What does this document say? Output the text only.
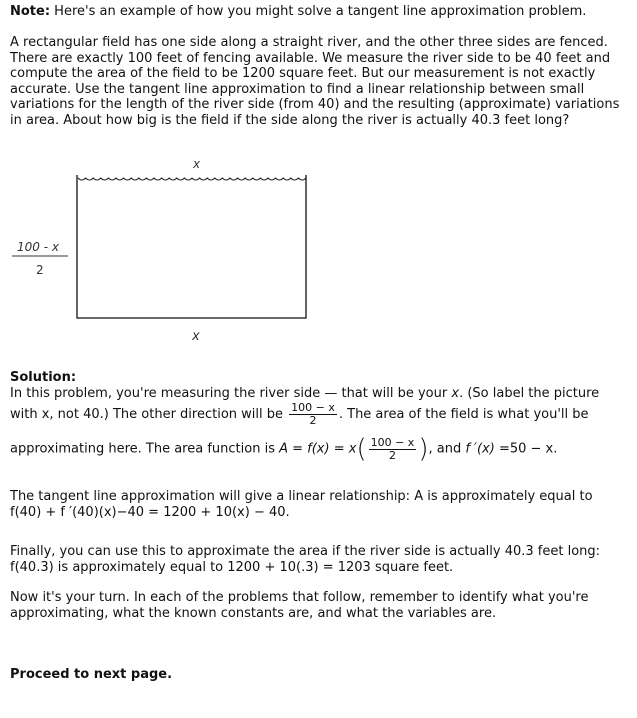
Note: Here's an example of how you might solve a tangent line approximation problem.

A rectangular field has one side along a straight river, and the other three sides are fenced. There are exactly 100 feet of fencing available. We measure the river side to be 40 feet and compute the area of the field to be 1200 square feet. But our measurement is not exactly accurate. Use the tangent line approximation to find a linear relationship between small variations for the length of the river side (from 40) and the resulting (approximate) variations in area. About how big is the field if the side along the river is actually 40.3 feet long?

x
100 - x
2
x

Solution:

In this problem, you're measuring the river side — that will be your x. (So label the picture

with x, not 40.) The other direction will be $\frac{100 - x}{2}$ . The area of the field is what you'll be

approximating here. The area function is $A = f(x) = x( \frac{100 - x}{2}$ ), and f ′(x) =50 − x.

The tangent line approximation will give a linear relationship: A is approximately equal to
f(40) + f ′(40)(x)−40 = 1200 + 10(x) − 40.

Finally, you can use this to approximate the area if the river side is actually 40.3 feet long:
f(40.3) is approximately equal to 1200 + 10(.3) = 1203 square feet.

Now it's your turn. In each of the problems that follow, remember to identify what you're approximating, what the known constants are, and what the variables are.

Proceed to next page.
